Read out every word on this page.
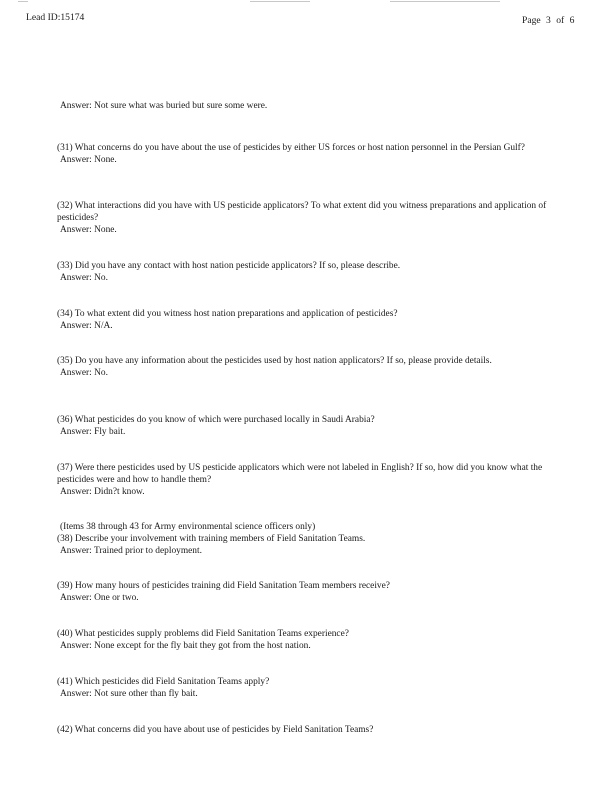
Lead ID:15174	Page 3 of 6
Answer: Not sure what was buried but sure some were.
(31) What concerns do you have about the use of pesticides by either US forces or host nation personnel in the Persian Gulf?
Answer: None.
(32) What interactions did you have with US pesticide applicators? To what extent did you witness preparations and application of pesticides?
Answer: None.
(33) Did you have any contact with host nation pesticide applicators? If so, please describe.
Answer: No.
(34) To what extent did you witness host nation preparations and application of pesticides?
Answer: N/A.
(35) Do you have any information about the pesticides used by host nation applicators? If so, please provide details.
Answer: No.
(36) What pesticides do you know of which were purchased locally in Saudi Arabia?
Answer: Fly bait.
(37) Were there pesticides used by US pesticide applicators which were not labeled in English? If so, how did you know what the pesticides were and how to handle them?
Answer: Didn?t know.
(Items 38 through 43 for Army environmental science officers only)
(38) Describe your involvement with training members of Field Sanitation Teams.
Answer: Trained prior to deployment.
(39) How many hours of pesticides training did Field Sanitation Team members receive?
Answer: One or two.
(40) What pesticides supply problems did Field Sanitation Teams experience?
Answer: None except for the fly bait they got from the host nation.
(41) Which pesticides did Field Sanitation Teams apply?
Answer: Not sure other than fly bait.
(42) What concerns did you have about use of pesticides by Field Sanitation Teams?
